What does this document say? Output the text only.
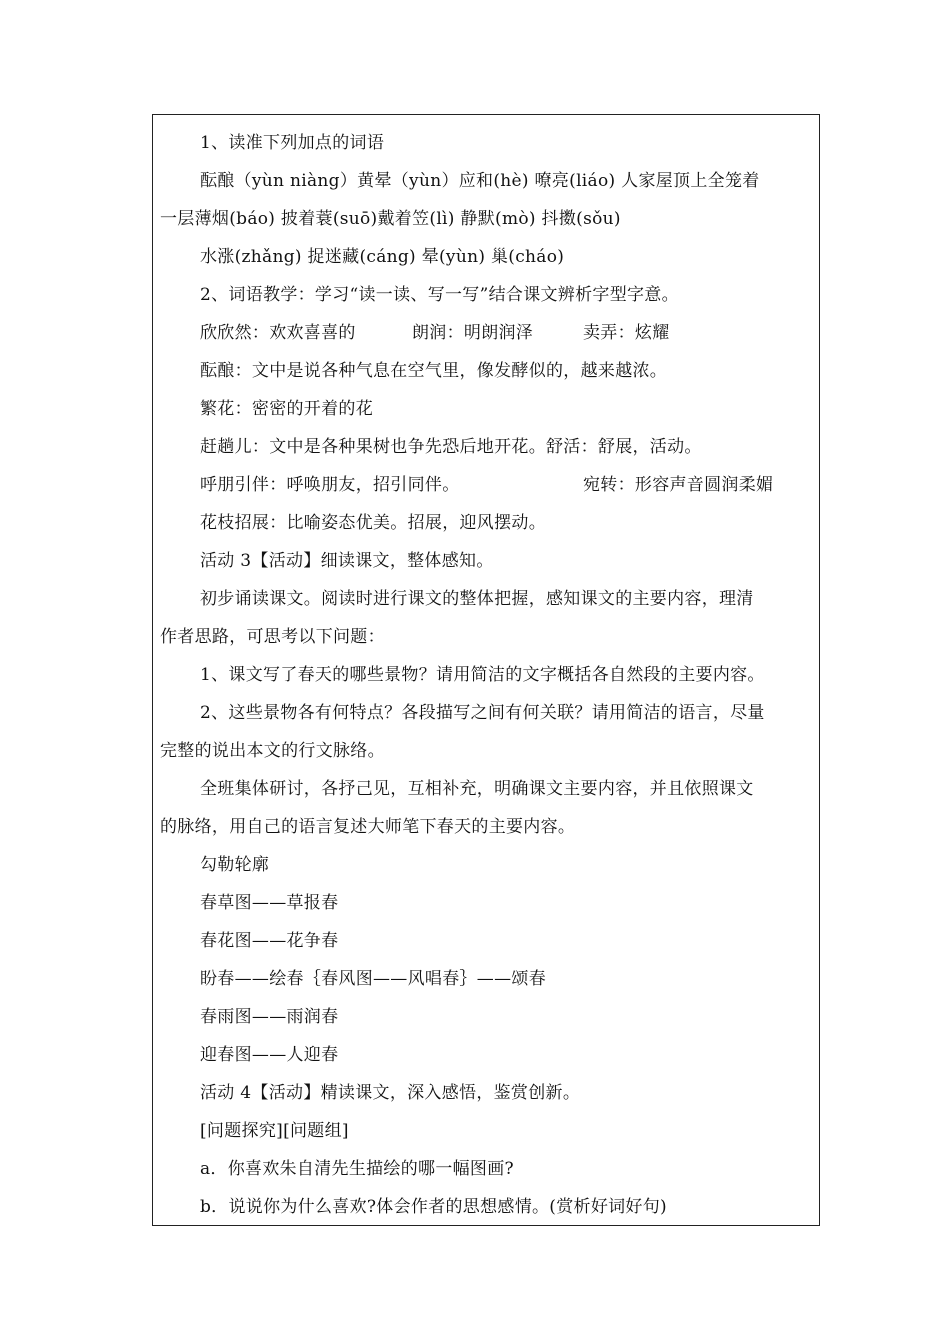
1、读准下列加点的词语

酝酿（yùn niàng）黄晕（yùn）应和(hè) 嘹亮(liáo) 人家屋顶上全笼着

一层薄烟(báo) 披着蓑(suō)戴着笠(lì) 静默(mò) 抖擞(sǒu)

水涨(zhǎng) 捉迷藏(cáng) 晕(yùn) 巢(cháo)

2、词语教学：学习“读一读、写一写”结合课文辨析字型字意。

欣欣然：欢欢喜喜的	朗润：明朗润泽	卖弄：炫耀

酝酿：文中是说各种气息在空气里，像发酵似的，越来越浓。

繁花：密密的开着的花

赶趟儿：文中是各种果树也争先恐后地开花。舒活：舒展，活动。

呼朋引伴：呼唤朋友，招引同伴。	宛转：形容声音圆润柔媚

花枝招展：比喻姿态优美。招展，迎风摆动。

活动 3【活动】细读课文，整体感知。

初步诵读课文。阅读时进行课文的整体把握，感知课文的主要内容，理清

作者思路，可思考以下问题：

1、课文写了春天的哪些景物？请用简洁的文字概括各自然段的主要内容。

2、这些景物各有何特点？各段描写之间有何关联？请用简洁的语言，尽量

完整的说出本文的行文脉络。

全班集体研讨，各抒己见，互相补充，明确课文主要内容，并且依照课文

的脉络，用自己的语言复述大师笔下春天的主要内容。

勾勒轮廓

春草图——草报春

春花图——花争春

盼春——绘春｛春风图——风唱春｝——颂春

春雨图——雨润春

迎春图——人迎春

活动 4【活动】精读课文，深入感悟，鉴赏创新。

[问题探究][问题组]

a．你喜欢朱自清先生描绘的哪一幅图画?

b．说说你为什么喜欢?体会作者的思想感情。(赏析好词好句)
